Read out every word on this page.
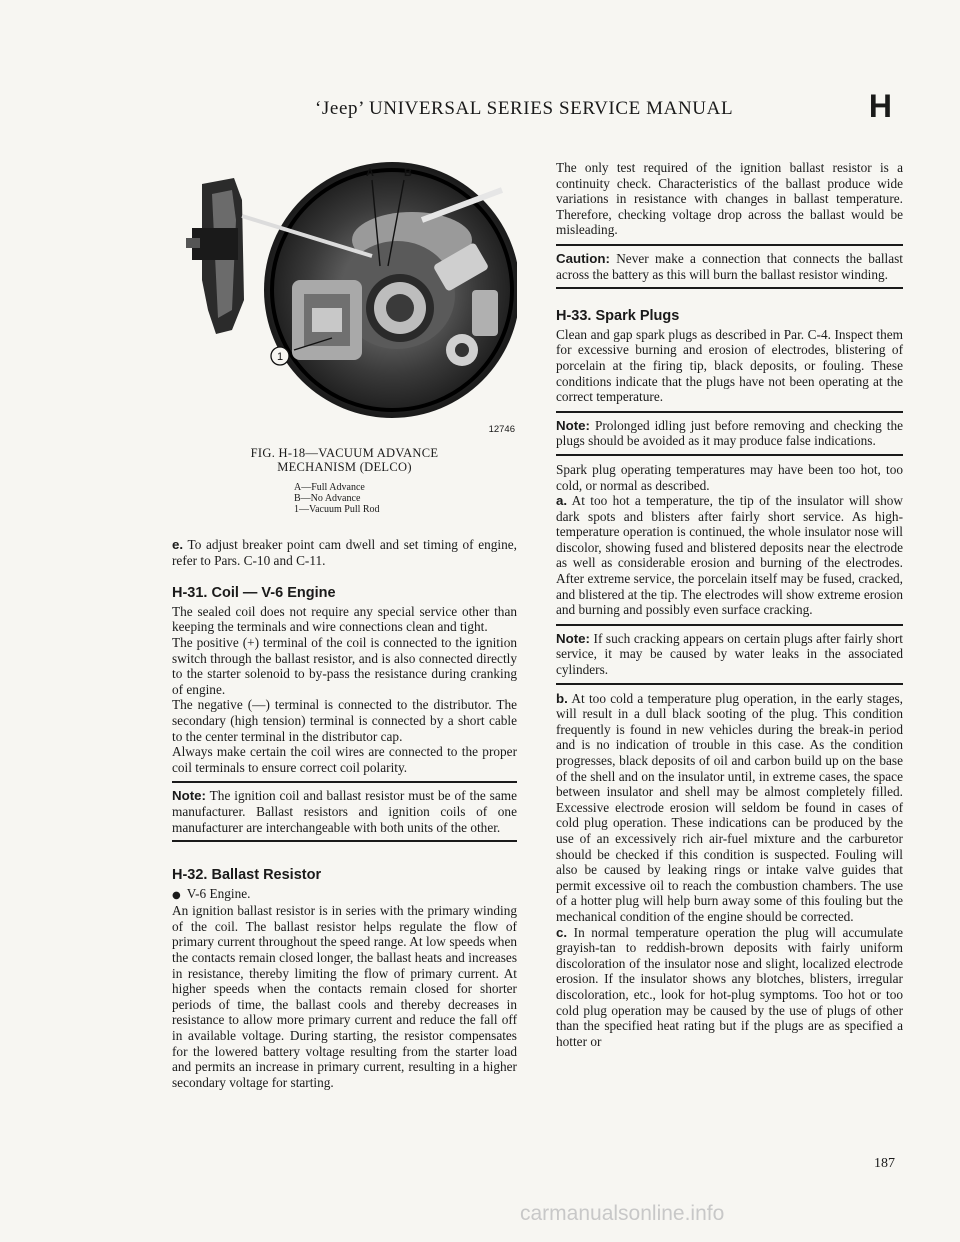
‘Jeep’ UNIVERSAL SERIES SERVICE MANUAL	H
A	B
1
12746
FIG. H-18—VACUUM ADVANCE
MECHANISM (DELCO)
A—Full Advance
B—No Advance
1—Vacuum Pull Rod

e. To adjust breaker point cam dwell and set timing of engine, refer to Pars. C-10 and C-11.

H-31. Coil — V-6 Engine

The sealed coil does not require any special service other than keeping the terminals and wire connections clean and tight.

The positive (+) terminal of the coil is connected to the ignition switch through the ballast resistor, and is also connected directly to the starter solenoid to by-pass the resistance during cranking of engine.

The negative (—) terminal is connected to the distributor. The secondary (high tension) terminal is connected by a short cable to the center terminal in the distributor cap.

Always make certain the coil wires are connected to the proper coil terminals to ensure correct coil polarity.

Note: The ignition coil and ballast resistor must be of the same manufacturer. Ballast resistors and ignition coils of one manufacturer are interchangeable with both units of the other.

H-32. Ballast Resistor

● V-6 Engine.

An ignition ballast resistor is in series with the primary winding of the coil. The ballast resistor helps regulate the flow of primary current throughout the speed range. At low speeds when the contacts remain closed longer, the ballast heats and increases in resistance, thereby limiting the flow of primary current. At higher speeds when the contacts remain closed for shorter periods of time, the ballast cools and thereby decreases in resistance to allow more primary current and reduce the fall off in available voltage. During starting, the resistor compensates for the lowered battery voltage resulting from the starter load and permits an increase in primary current, resulting in a higher secondary voltage for starting.

The only test required of the ignition ballast resistor is a continuity check. Characteristics of the ballast produce wide variations in resistance with changes in ballast temperature. Therefore, checking voltage drop across the ballast would be misleading.

Caution: Never make a connection that connects the ballast across the battery as this will burn the ballast resistor winding.

H-33. Spark Plugs

Clean and gap spark plugs as described in Par. C-4. Inspect them for excessive burning and erosion of electrodes, blistering of porcelain at the firing tip, black deposits, or fouling. These conditions indicate that the plugs have not been operating at the correct temperature.

Note: Prolonged idling just before removing and checking the plugs should be avoided as it may produce false indications.

Spark plug operating temperatures may have been too hot, too cold, or normal as described.

a. At too hot a temperature, the tip of the insulator will show dark spots and blisters after fairly short service. As high-temperature operation is continued, the whole insulator nose will discolor, showing fused and blistered deposits near the electrode as well as considerable erosion and burning of the electrodes. After extreme service, the porcelain itself may be fused, cracked, and blistered at the tip. The electrodes will show extreme erosion and burning and possibly even surface cracking.

Note: If such cracking appears on certain plugs after fairly short service, it may be caused by water leaks in the associated cylinders.

b. At too cold a temperature plug operation, in the early stages, will result in a dull black sooting of the plug. This condition frequently is found in new vehicles during the break-in period and is no indication of trouble in this case. As the condition progresses, black deposits of oil and carbon build up on the base of the shell and on the insulator until, in extreme cases, the space between insulator and shell may be almost completely filled. Excessive electrode erosion will seldom be found in cases of cold plug operation. These indications can be produced by the use of an excessively rich air-fuel mixture and the carburetor should be checked if this condition is suspected. Fouling will also be caused by leaking rings or intake valve guides that permit excessive oil to reach the combustion chambers. The use of a hotter plug will help burn away some of this fouling but the mechanical condition of the engine should be corrected.

c. In normal temperature operation the plug will accumulate grayish-tan to reddish-brown deposits with fairly uniform discoloration of the insulator nose and slight, localized electrode erosion. If the insulator shows any blotches, blisters, irregular discoloration, etc., look for hot-plug symptoms. Too hot or too cold plug operation may be caused by the use of plugs of other than the specified heat rating but if the plugs are as specified a hotter or

187
carmanualsonline.info
